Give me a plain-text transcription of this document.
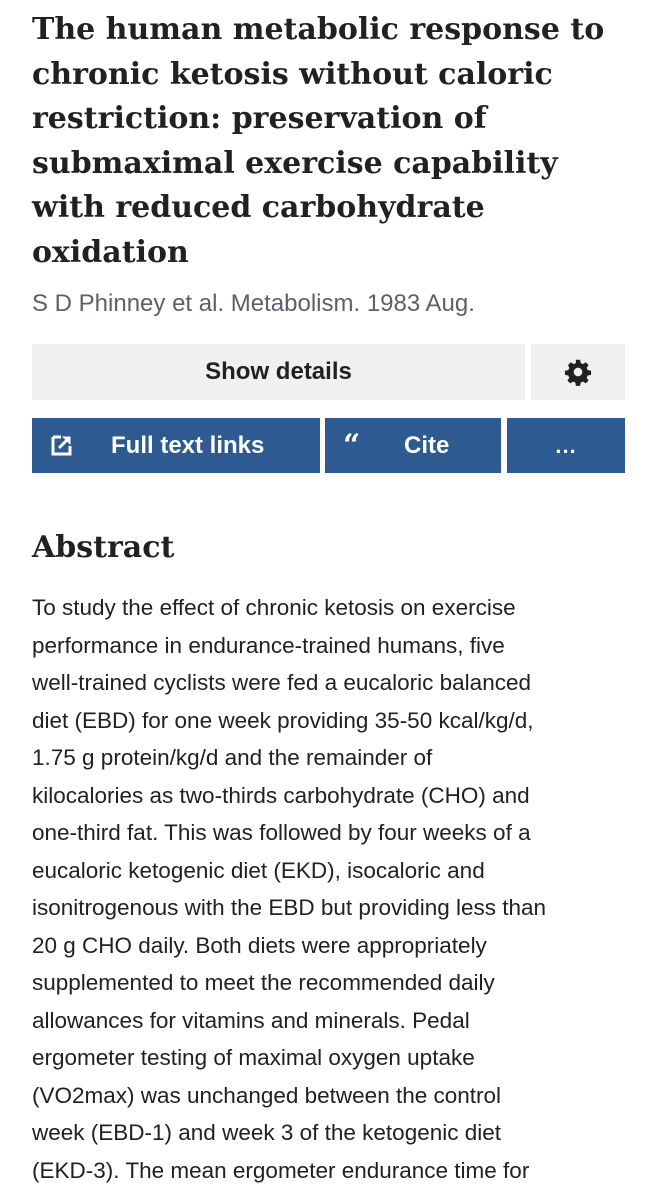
The human metabolic response to
chronic ketosis without caloric
restriction: preservation of
submaximal exercise capability
with reduced carbohydrate
oxidation
S D Phinney et al. Metabolism. 1983 Aug.
Show details
Full text links	“ Cite	...
Abstract
To study the effect of chronic ketosis on exercise
performance in endurance-trained humans, five
well-trained cyclists were fed a eucaloric balanced
diet (EBD) for one week providing 35-50 kcal/kg/d,
1.75 g protein/kg/d and the remainder of
kilocalories as two-thirds carbohydrate (CHO) and
one-third fat. This was followed by four weeks of a
eucaloric ketogenic diet (EKD), isocaloric and
isonitrogenous with the EBD but providing less than
20 g CHO daily. Both diets were appropriately
supplemented to meet the recommended daily
allowances for vitamins and minerals. Pedal
ergometer testing of maximal oxygen uptake
(VO2max) was unchanged between the control
week (EBD-1) and week 3 of the ketogenic diet
(EKD-3). The mean ergometer endurance time for
